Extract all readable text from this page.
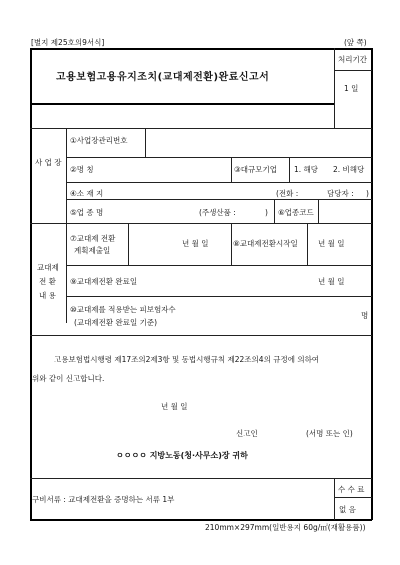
[별지 제25호의9서식]	(앞 쪽)
고용보험고용유지조치(교대제전환)완료신고서
처리기간
1 일
사 업 장
①사업장관리번호
②명 칭	③대규모기업 1. 해당 2. 비해당
④소 재 지	(전화 :	담당자 : )
⑤업 종 명	(주생산품 :	) ⑥업종코드
교대제
전 환
내 용
⑦교대제 전환
계획제출일
년 월 일	⑧교대제전환시작일	년 월 일
⑨교대제전환 완료일	년 월 일
⑩교대제를 적용받는 피보험자수
(교대제전환 완료일 기준)
명
고용보험법시행령 제17조의2제3항 및 동법시행규칙 제22조의4의 규정에 의하여
위와 같이 신고합니다.
년 월 일
신고인	(서명 또는 인)
ㅇㅇㅇㅇ 지방노동(청·사무소)장 귀하
구비서류 : 교대제전환을 증명하는 서류 1부
수 수 료
없 음
210mm×297mm(일반용지 60g/㎡(재활용품))
